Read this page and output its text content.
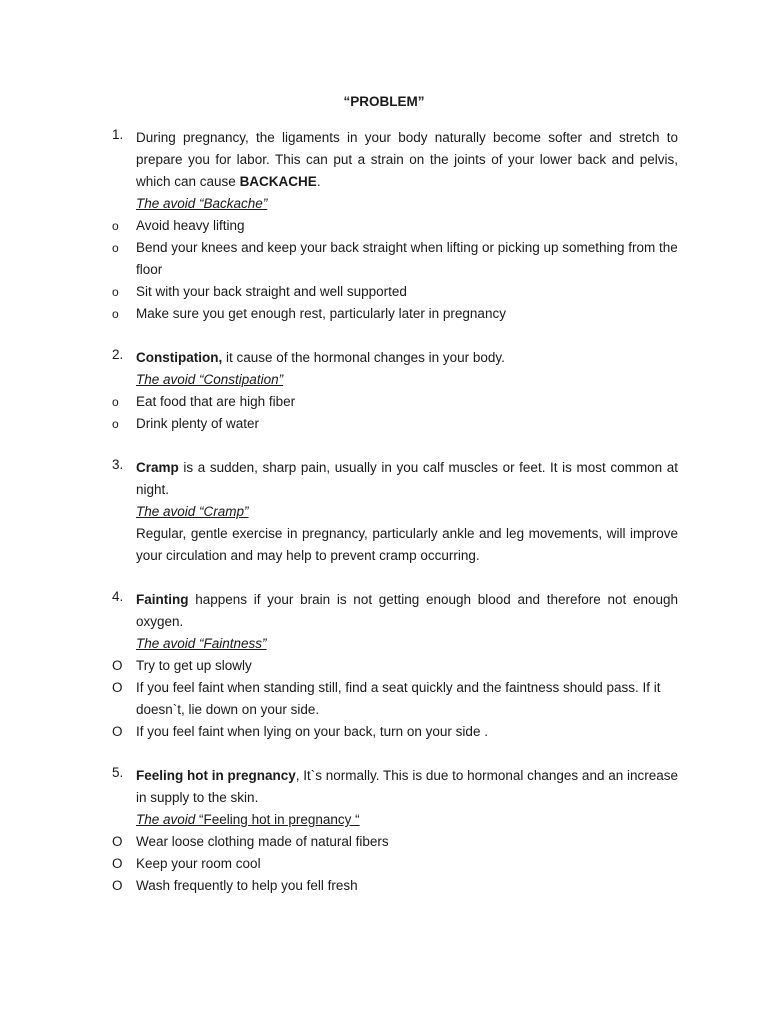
“PROBLEM”
1. During pregnancy, the ligaments in your body naturally become softer and stretch to prepare you for labor. This can put a strain on the joints of your lower back and pelvis, which can cause BACKACHE.
The avoid “Backache”
o	Avoid heavy lifting
o	Bend your knees and keep your back straight when lifting or picking up something from the floor
o	Sit with your back straight and well supported
o	Make sure you get enough rest, particularly later in pregnancy
2. Constipation, it cause of the hormonal changes in your body.
The avoid “Constipation”
o	Eat food that are high fiber
o	Drink plenty of water
3. Cramp is a sudden, sharp pain, usually in you calf muscles or feet. It is most common at night.
The avoid “Cramp”
Regular, gentle exercise in pregnancy, particularly ankle and leg movements, will improve your circulation and may help to prevent cramp occurring.
4. Fainting happens if your brain is not getting enough blood and therefore not enough oxygen.
The avoid “Faintness”
O Try to get up slowly
O If you feel faint when standing still, find a seat quickly and the faintness should pass. If it doesn`t, lie down on your side.
O If you feel faint when lying on your back, turn on your side .
5. Feeling hot in pregnancy, It`s normally. This is due to hormonal changes and an increase in supply to the skin.
The avoid “Feeling hot in pregnancy “
O Wear loose clothing made of natural fibers
O Keep your room cool
O Wash frequently to help you fell fresh
